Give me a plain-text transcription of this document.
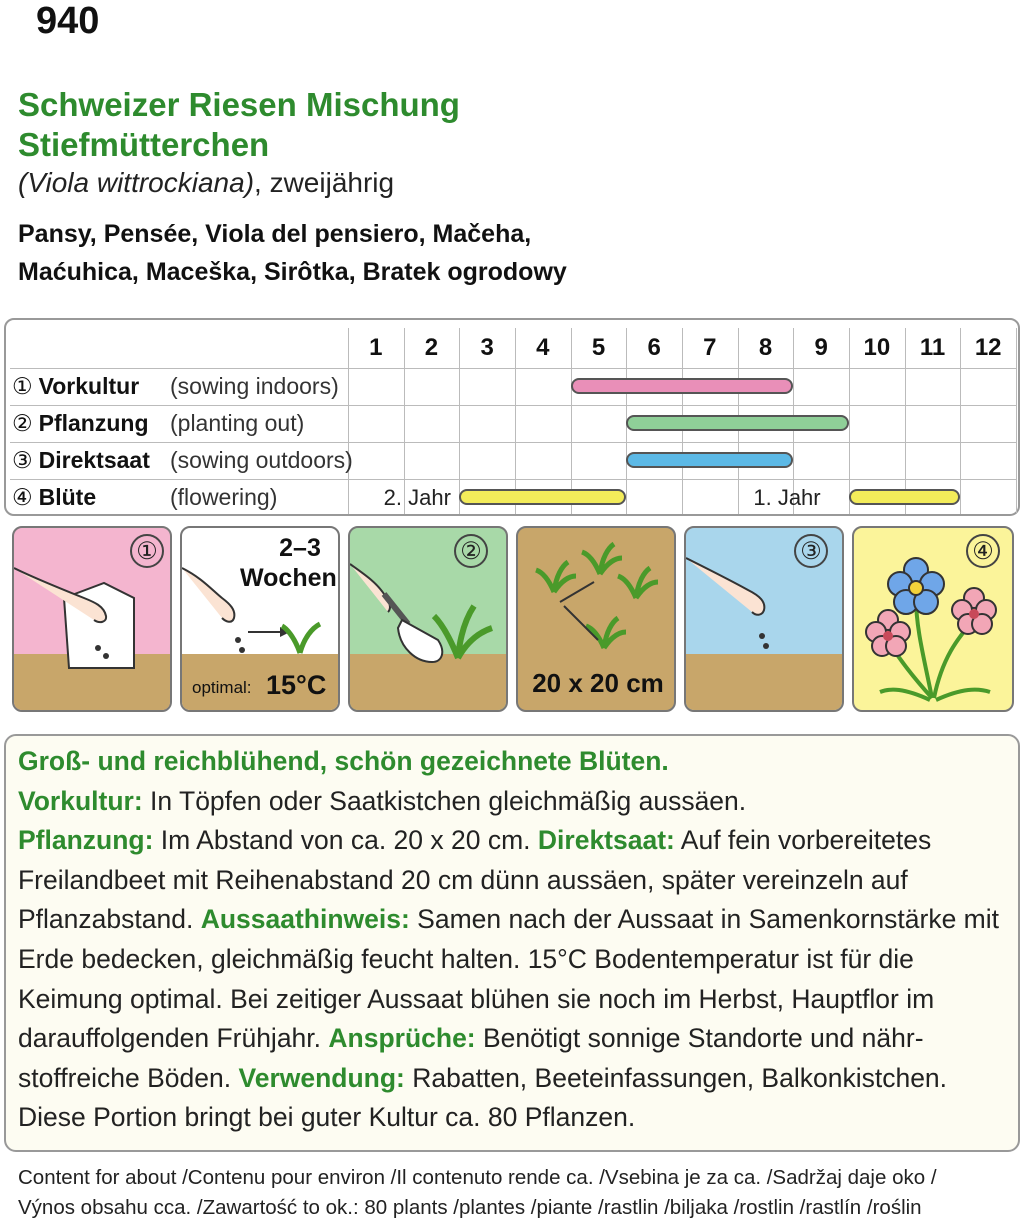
940
Schweizer Riesen Mischung
Stiefmütterchen
(Viola wittrockiana), zweijährig
Pansy, Pensée, Viola del pensiero, Mačeha,
Maćuhica, Maceška, Sirôtka, Bratek ogrodowy
1	2	3	4	5	6	7	8	9	10	11	12
① Vorkultur (sowing indoors)
② Pflanzung (planting out)
③ Direktsaat (sowing outdoors)
④ Blüte	(flowering)	2. Jahr	1. Jahr
①	2–3
Wochen
optimal: 15°C
②
20 x 20 cm
③	④

Groß- und reichblühend, schön gezeichnete Blüten.

Vorkultur: In Töpfen oder Saatkistchen gleichmäßig aussäen.

Pflanzung: Im Abstand von ca. 20 x 20 cm. Direktsaat: Auf fein vorbereitetes Freilandbeet mit Reihenabstand 20 cm dünn aussäen, später vereinzeln auf Pflanzabstand. Aussaathinweis: Samen nach der Aussaat in Samenkornstärke mit Erde bedecken, gleichmäßig feucht halten. 15°C Bodentemperatur ist für die Keimung optimal. Bei zeitiger Aussaat blühen sie noch im Herbst, Hauptflor im darauffolgenden Frühjahr. Ansprüche: Benötigt sonnige Standorte und nähr-stoffreiche Böden. Verwendung: Rabatten, Beeteinfassungen, Balkonkistchen. Diese Portion bringt bei guter Kultur ca. 80 Pflanzen.

Content for about /Contenu pour environ /Il contenuto rende ca. /Vsebina je za ca. /Sadržaj daje oko /
Výnos obsahu cca. /Zawartość to ok.: 80 plants /plantes /piante /rastlin /biljaka /rostlin /rastlín /roślin
